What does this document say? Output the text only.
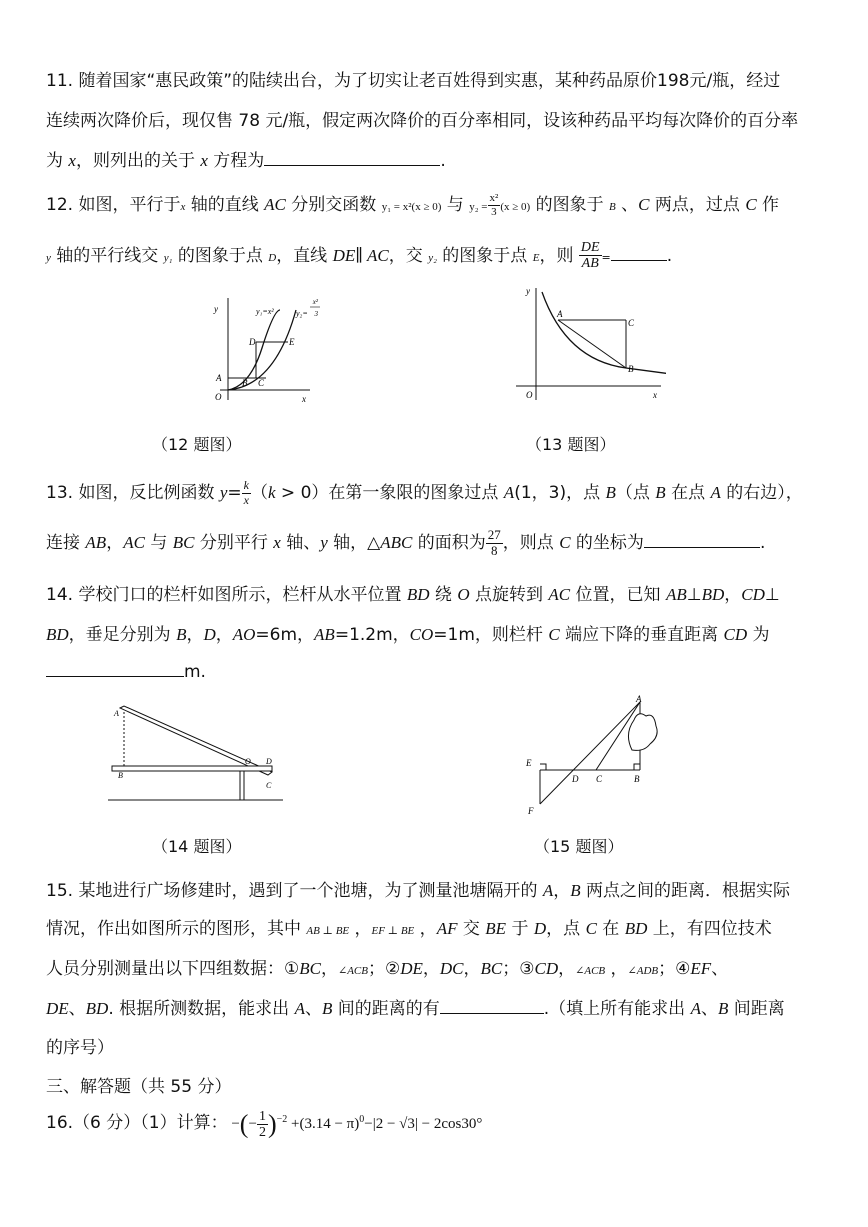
11. 随着国家“惠民政策”的陆续出台，为了切实让老百姓得到实惠，某种药品原价198元/瓶，经过
连续两次降价后，现仅售 78 元/瓶，假定两次降价的百分率相同，设该种药品平均每次降价的百分率
为 x，则列出的关于 x 方程为	.
12. 如图，平行于x 轴的直线 AC 分别交函数 y₁ = x²(x ≥ 0) 与 $y_2 = \frac{\text{x²}}{3} (x \ge 0)$ 的图象于 B 、C 两点，过点 C 作
y 轴的平行线交 y₁ 的图象于点 D，直线 DE∥ AC，交 y₂ 的图象于点 E，则 $\frac{DE}{AB}$ =	.
y
x
O
A B C
D	E
y₁=x²	y₂=
x²
3
（12 题图）
y
x
O
A
B
C
（13 题图）
13. 如图，反比例函数 $y= \frac{k}{x} (k > 0)$在第一象限的图象过点 A(1，3)，点 B（点 B 在点 A 的右边），
连接 AB，AC 与 BC 分别平行 x 轴、y 轴，△ABC 的面积为 $\frac{27}{8}$ ，则点 C 的坐标为	.
14. 学校门口的栏杆如图所示，栏杆从水平位置 BD 绕 O 点旋转到 AC 位置，已知 AB⊥BD，CD⊥
BD，垂足分别为 B，D，AO=6m，AB=1.2m，CO=1m，则栏杆 C 端应下降的垂直距离 CD 为
m.
A
B
O D
C
（14 题图）
A
E
D C	B
F
（15 题图）
15. 某地进行广场修建时，遇到了一个池塘，为了测量池塘隔开的 A，B 两点之间的距离．根据实际
情况，作出如图所示的图形，其中 AB ⊥ BE ，EF ⊥ BE ，AF 交 BE 于 D，点 C 在 BD 上，有四位技术
人员分别测量出以下四组数据：①BC，∠ACB；②DE，DC，BC；③CD，∠ACB ，∠ADB；④EF、
DE、BD. 根据所测数据，能求出 A、B 间的距离的有	.（填上所有能求出 A、B 间距离
的序号）
三、解答题（共 55 分）
16.（6 分）（1）计算： −(− $\frac{1}{2} )^{-2} +(3.14 - \pi)^0-|2 - √3| - 2\cos 30^\circ$
